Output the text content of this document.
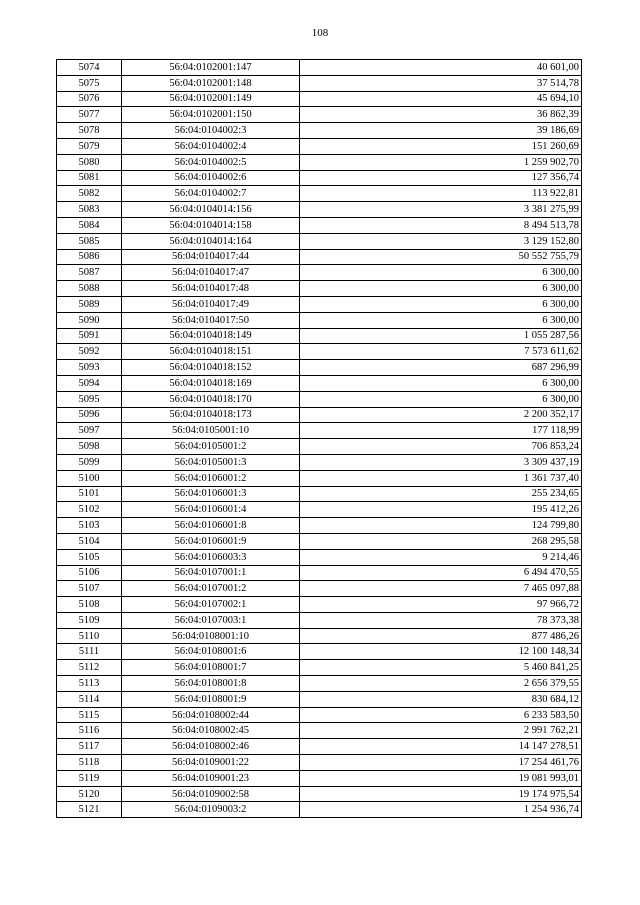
108
5074	56:04:0102001:147	40 601,00
5075	56:04:0102001:148	37 514,78
5076	56:04:0102001:149	45 694,10
5077	56:04:0102001:150	36 862,39
5078	56:04:0104002:3	39 186,69
5079	56:04:0104002:4	151 260,69
5080	56:04:0104002:5	1 259 902,70
5081	56:04:0104002:6	127 356,74
5082	56:04:0104002:7	113 922,81
5083	56:04:0104014:156	3 381 275,99
5084	56:04:0104014:158	8 494 513,78
5085	56:04:0104014:164	3 129 152,80
5086	56:04:0104017:44	50 552 755,79
5087	56:04:0104017:47	6 300,00
5088	56:04:0104017:48	6 300,00
5089	56:04:0104017:49	6 300,00
5090	56:04:0104017:50	6 300,00
5091	56:04:0104018:149	1 055 287,56
5092	56:04:0104018:151	7 573 611,62
5093	56:04:0104018:152	687 296,99
5094	56:04:0104018:169	6 300,00
5095	56:04:0104018:170	6 300,00
5096	56:04:0104018:173	2 200 352,17
5097	56:04:0105001:10	177 118,99
5098	56:04:0105001:2	706 853,24
5099	56:04:0105001:3	3 309 437,19
5100	56:04:0106001:2	1 361 737,40
5101	56:04:0106001:3	255 234,65
5102	56:04:0106001:4	195 412,26
5103	56:04:0106001:8	124 799,80
5104	56:04:0106001:9	268 295,58
5105	56:04:0106003:3	9 214,46
5106	56:04:0107001:1	6 494 470,55
5107	56:04:0107001:2	7 465 097,88
5108	56:04:0107002:1	97 966,72
5109	56:04:0107003:1	78 373,38
5110	56:04:0108001:10	877 486,26
5111	56:04:0108001:6	12 100 148,34
5112	56:04:0108001:7	5 460 841,25
5113	56:04:0108001:8	2 656 379,55
5114	56:04:0108001:9	830 684,12
5115	56:04:0108002:44	6 233 583,50
5116	56:04:0108002:45	2 991 762,21
5117	56:04:0108002:46	14 147 278,51
5118	56:04:0109001:22	17 254 461,76
5119	56:04:0109001:23	19 081 993,01
5120	56:04:0109002:58	19 174 975,54
5121	56:04:0109003:2	1 254 936,74
